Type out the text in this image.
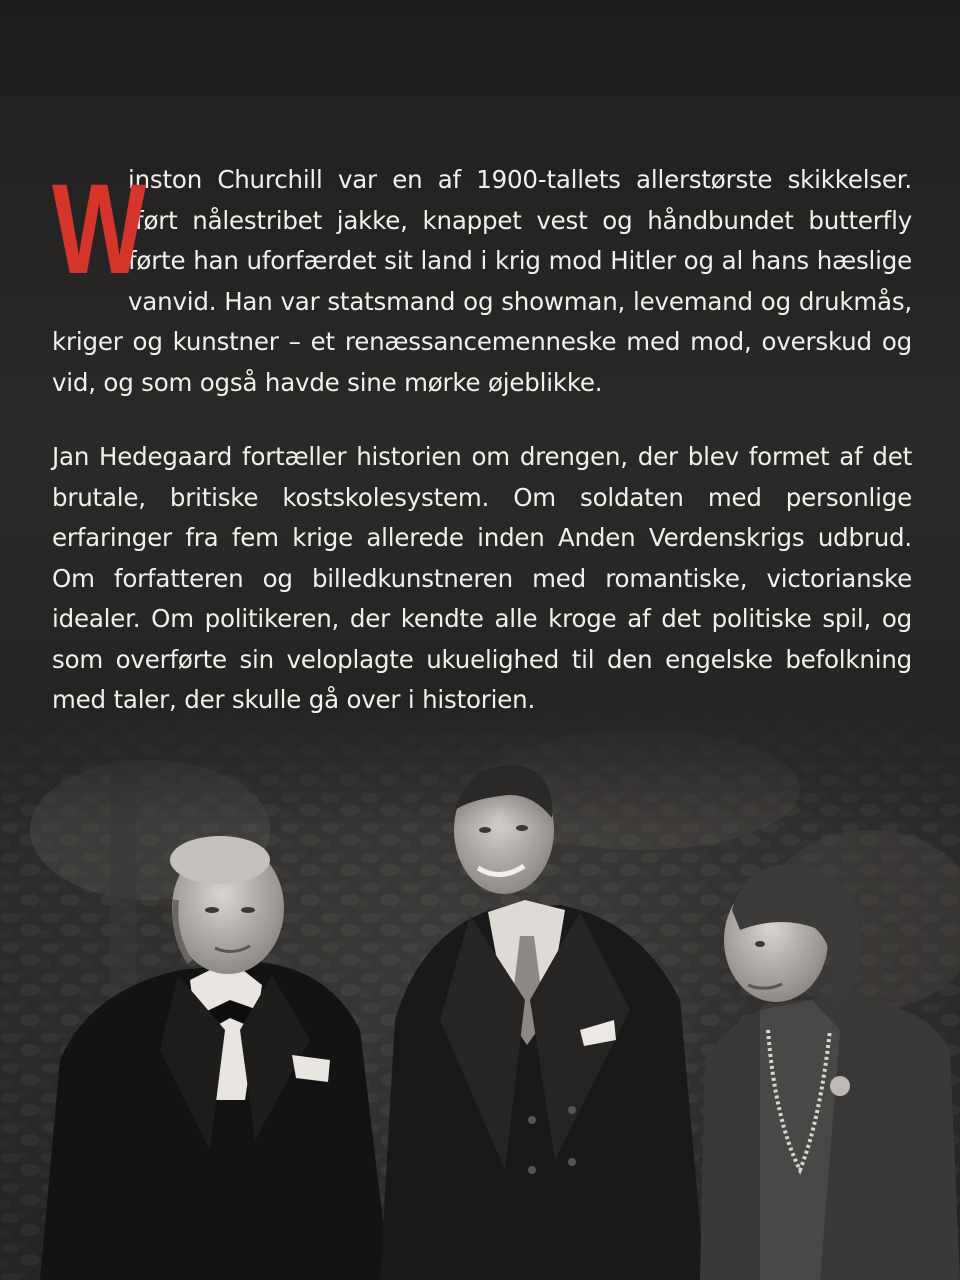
W
inston Churchill var en af 1900-tallets allerstørste skikkelser. Iført nålestribet jakke, knappet vest og håndbundet butterfly førte han uforfærdet sit land i krig mod Hitler og al hans hæslige vanvid. Han var statsmand og showman, levemand og drukmås, kriger og kunstner – et renæssancemenneske med mod, overskud og vid, og som også havde sine mørke øjeblikke.

Jan Hedegaard fortæller historien om drengen, der blev formet af det brutale, britiske kostskolesystem. Om soldaten med personlige erfaringer fra fem krige allerede inden Anden Verdenskrigs udbrud. Om forfatteren og billedkunstneren med romantiske, victorianske idealer. Om politikeren, der kendte alle kroge af det politiske spil, og som overførte sin veloplagte ukuelighed til den engelske befolkning med taler, der skulle gå over i historien.
